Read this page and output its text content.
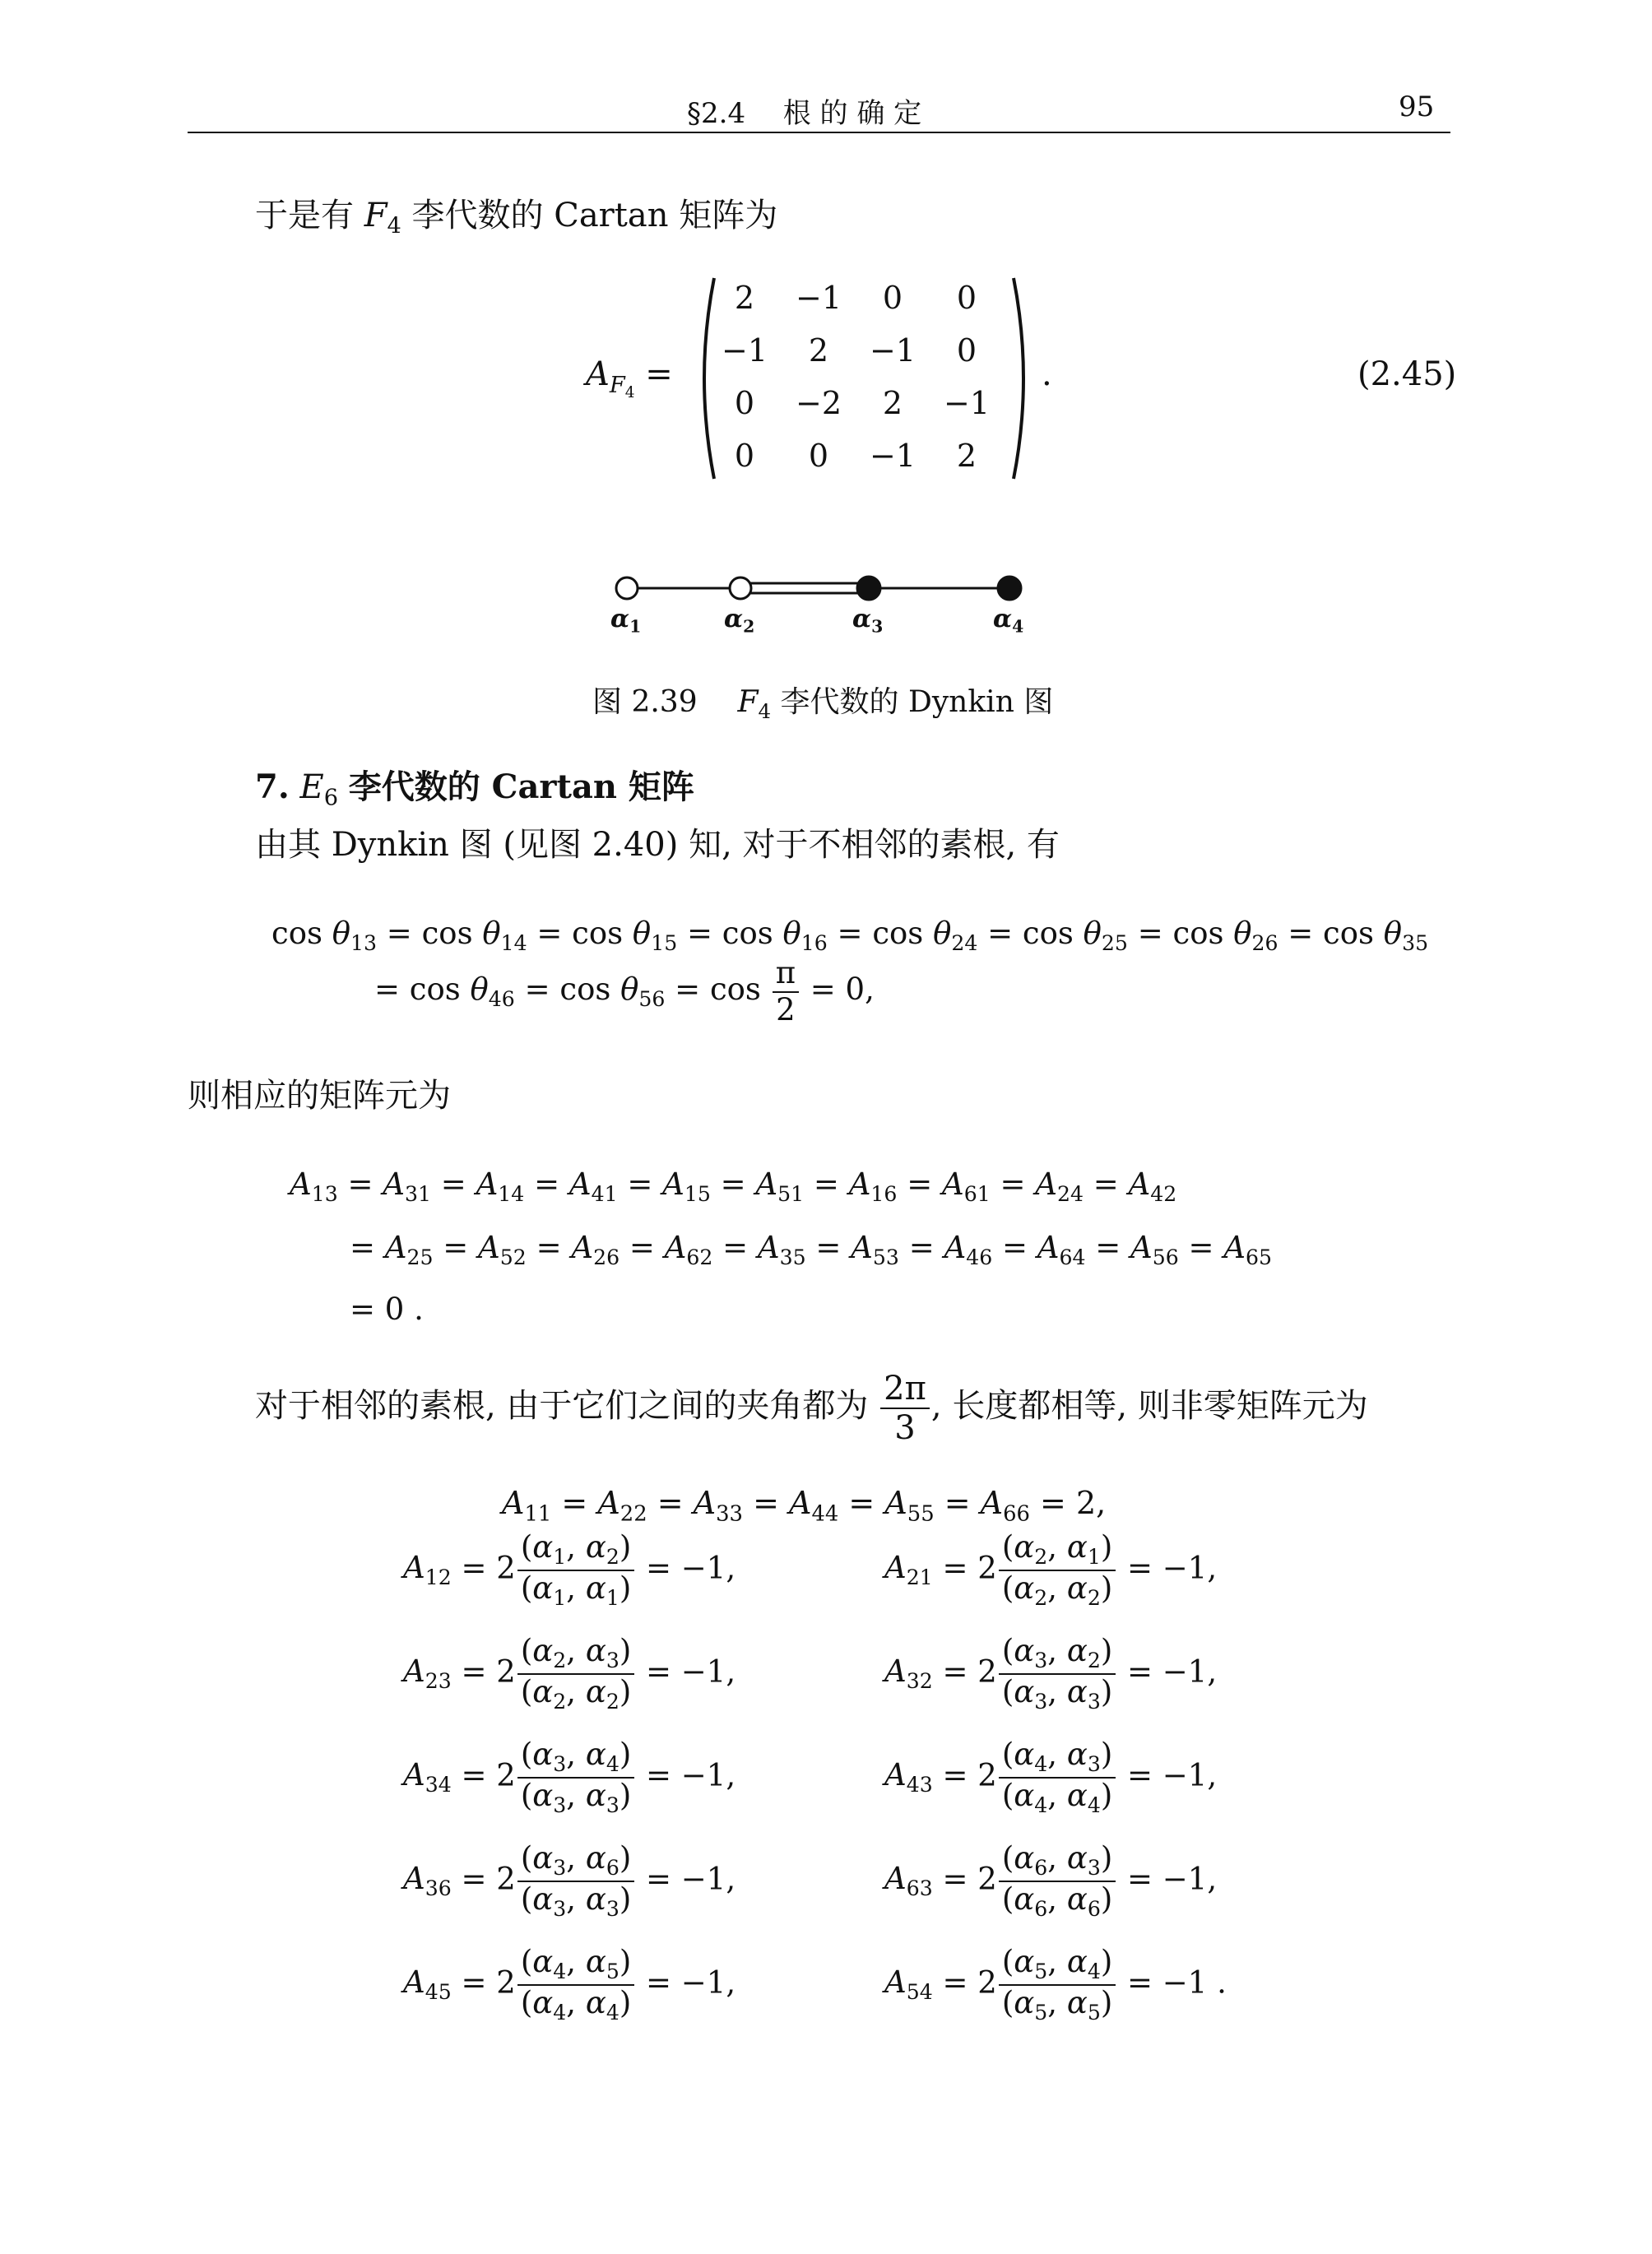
§2.4 根 的 确 定	95
于是有 $F_4$ 李代数的 Cartan 矩阵为
$A_{F_4}$ =
2	−1	0	0
−1	2	−1	0
0	−2	2	−1
0	0	−1	2
.	(2.45)
$\alpha_1$	$\alpha_2$	$\alpha_3$	$\alpha_4$
图 2.39 $F_4$ 李代数的 Dynkin 图
7. $E_6$ 李代数的 Cartan 矩阵
由其 Dynkin 图 (见图 2.40) 知, 对于不相邻的素根, 有
$\cos \theta_{13} = \cos \theta_{14} = \cos \theta_{15} = \cos \theta_{16} = \cos \theta_{24} = \cos \theta_{25} = \cos \theta_{26} = \cos \theta_{35}$
= $\cos \theta_{46} = \cos \theta_{56} = \cos \frac{\pi}{2} = 0$,
则相应的矩阵元为
$A_{13} = A_{31} = A_{14} = A_{41} = A_{15} = A_{51} = A_{16} = A_{61} = A_{24} = A_{42}$
= $A_{25} = A_{52} = A_{26} = A_{62} = A_{35} = A_{53} = A_{46} = A_{64} = A_{56} = A_{65}$
= 0 .
对于相邻的素根, 由于它们之间的夹角都为 $\frac{2\pi}{3}$ , 长度都相等, 则非零矩阵元为
$A_{11} = A_{22} = A_{33} = A_{44} = A_{55} = A_{66} = 2$,
$A_{12} = 2 \frac{(\alpha_1, \alpha_2)}{(\alpha_1, \alpha_1)} = -1$,	$A_{21} = 2 \frac{(\alpha_2, \alpha_1)}{(\alpha_2, \alpha_2)} = -1$,
$A_{23} = 2 \frac{(\alpha_2, \alpha_3)}{(\alpha_2, \alpha_2)} = -1$,	$A_{32} = 2 \frac{(\alpha_3, \alpha_2)}{(\alpha_3, \alpha_3)} = -1$,
$A_{34} = 2 \frac{(\alpha_3, \alpha_4)}{(\alpha_3, \alpha_3)} = -1$,	$A_{43} = 2 \frac{(\alpha_4, \alpha_3)}{(\alpha_4, \alpha_4)} = -1$,
$A_{36} = 2 \frac{(\alpha_3, \alpha_6)}{(\alpha_3, \alpha_3)} = -1$,	$A_{63} = 2 \frac{(\alpha_6, \alpha_3)}{(\alpha_6, \alpha_6)} = -1$,
$A_{45} = 2 \frac{(\alpha_4, \alpha_5)}{(\alpha_4, \alpha_4)} = -1$,	$A_{54} = 2 \frac{(\alpha_5, \alpha_4)}{(\alpha_5, \alpha_5)} = -1$ .
